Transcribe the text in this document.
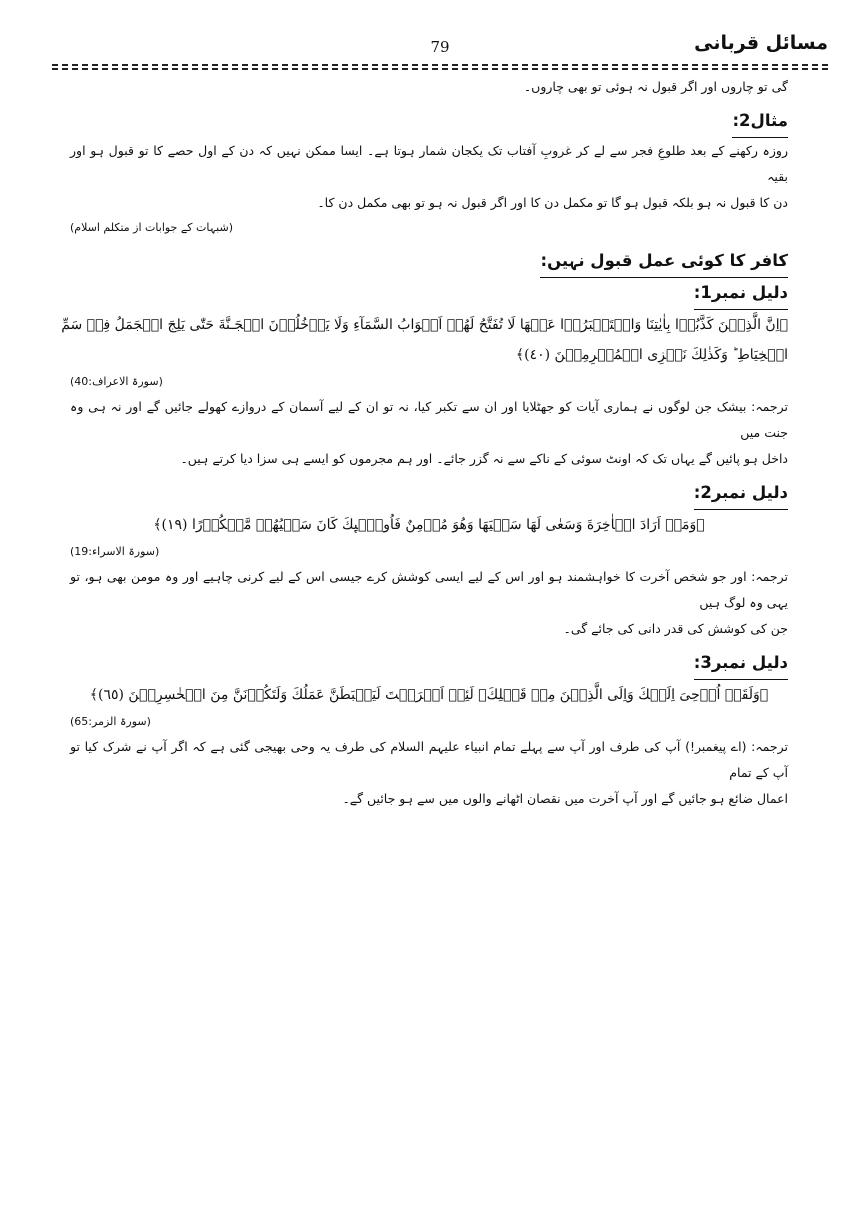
مسائل قربانی
79
گی تو چاروں اور اگر قبول نہ ہوئی تو بھی چاروں۔
مثال2:
روزہ رکھنے کے بعد طلوعِ فجر سے لے کر غروبِ آفتاب تک یکجان شمار ہوتا ہے۔ ایسا ممکن نہیں کہ دن کے اول حصے کا تو قبول ہو اور بقیہ
دن کا قبول نہ ہو بلکہ قبول ہو گا تو مکمل دن کا اور اگر قبول نہ ہو تو بھی مکمل دن کا۔
(شبہات کے جوابات از متکلم اسلام)
کافر کا کوئی عمل قبول نہیں:
دلیل نمبر1:
﴿اِنَّ الَّذِيۡنَ كَذَّبُوۡا بِاٰيٰتِنَا وَاسۡتَكۡبَرُوۡا عَنۡهَا لَا تُفَتَّحُ لَهُمۡ اَبۡوَابُ السَّمَآءِ وَلَا يَدۡخُلُوۡنَ الۡجَـنَّةَ حَتّٰى يَلِجَ الۡجَمَلُ فِىۡ سَمِّ
الۡخِيَاطِ‌ ؕ وَكَذٰلِكَ نَجۡزِى الۡمُجۡرِمِيۡنَ (٤٠)﴾
(سورۃ الاعراف:40)
ترجمہ: بیشک جن لوگوں نے ہماری آیات کو جھٹلایا اور ان سے تکبر کیا، نہ تو ان کے لیے آسمان کے دروازے کھولے جائیں گے اور نہ ہی وہ جنت میں
داخل ہو پائیں گے یہاں تک کہ اونٹ سوئی کے ناکے سے نہ گزر جائے۔ اور ہم مجرموں کو ایسے ہی سزا دیا کرتے ہیں۔
دلیل نمبر2:
﴿وَمَنۡ اَرَادَ الۡاٰخِرَةَ وَسَعٰى لَهَا سَعۡيَهَا وَهُوَ مُؤۡمِنٌ فَاُولٰۤٮِٕكَ كَانَ سَعۡيُهُمۡ مَّشۡكُوۡرًا (١٩)﴾
(سورۃ الاسراء:19)
ترجمہ: اور جو شخص آخرت کا خواہشمند ہو اور اس کے لیے ایسی کوشش کرے جیسی اس کے لیے کرنی چاہیے اور وہ مومن بھی ہو، تو یہی وہ لوگ ہیں
جن کی کوشش کی قدر دانی کی جائے گی۔
دلیل نمبر3:
﴿وَلَقَدۡ اُوۡحِىَ اِلَيۡكَ وَاِلَى الَّذِيۡنَ مِنۡ قَبۡلِكَ‌ۚ لَئِنۡ اَشۡرَكۡتَ لَيَحۡبَطَنَّ عَمَلُكَ وَلَتَكُوۡنَنَّ مِنَ الۡخٰسِرِيۡنَ (٦٥)﴾
(سورۃ الزمر:65)
ترجمہ: (اے پیغمبر!) آپ کی طرف اور آپ سے پہلے تمام انبیاء علیہم السلام کی طرف یہ وحی بھیجی گئی ہے کہ اگر آپ نے شرک کیا تو آپ کے تمام
اعمال ضائع ہو جائیں گے اور آپ آخرت میں نقصان اٹھانے والوں میں سے ہو جائیں گے۔
